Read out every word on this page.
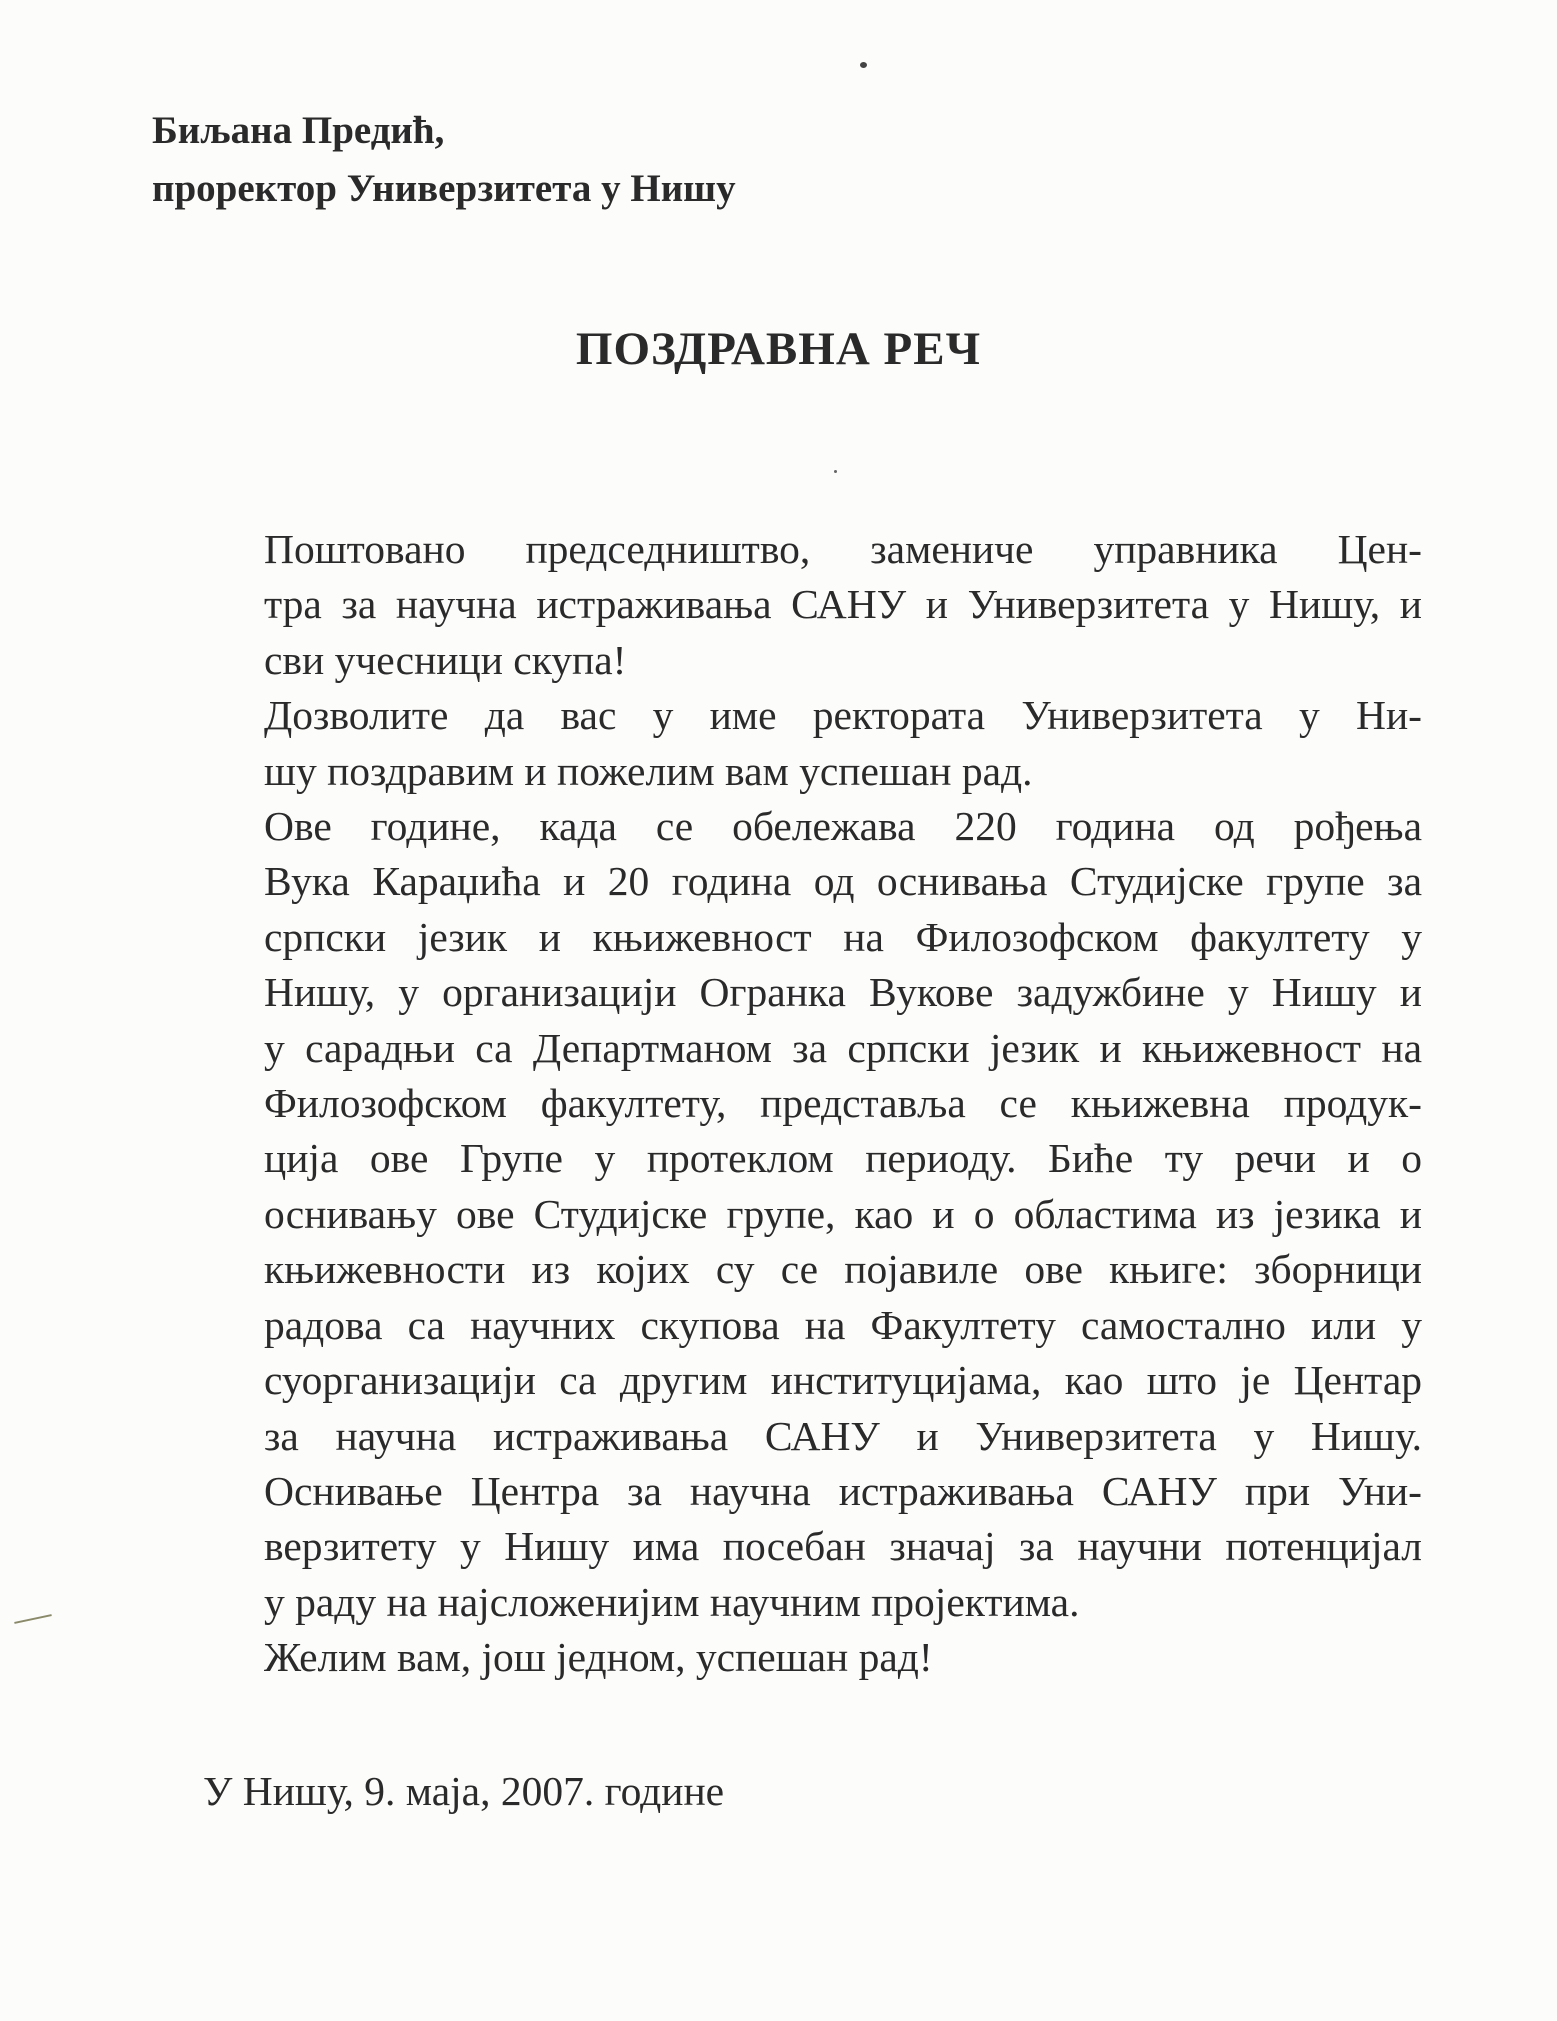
Биљана Предић,
проректор Универзитета у Нишу
ПОЗДРАВНА РЕЧ

Поштовано председништво, замениче управника Цен-
тра за научна истраживања САНУ и Универзитета у Нишу, и
сви учесници скупа!

Дозволите да вас у име ректората Универзитета у Ни-
шу поздравим и пожелим вам успешан рад.

Ове године, када се обележава 220 година од рођења
Вука Караџића и 20 година од оснивања Студијске групе за
српски језик и књижевност на Филозофском факултету у
Нишу, у организацији Огранка Вукове задужбине у Нишу и
у сарадњи са Департманом за српски језик и књижевност на
Филозофском факултету, представља се књижевна продук-
ција ове Групе у протеклом периоду. Биће ту речи и о
оснивању ове Студијске групе, као и о областима из језика и
књижевности из којих су се појавиле ове књиге: зборници
радова са научних скупова на Факултету самостално или у
суорганизацији са другим институцијама, као што је Центар
за научна истраживања САНУ и Универзитета у Нишу.
Оснивање Центра за научна истраживања САНУ при Уни-
верзитету у Нишу има посебан значај за научни потенцијал
у раду на најсложенијим научним пројектима.

Желим вам, још једном, успешан рад!

У Нишу, 9. маја, 2007. године
